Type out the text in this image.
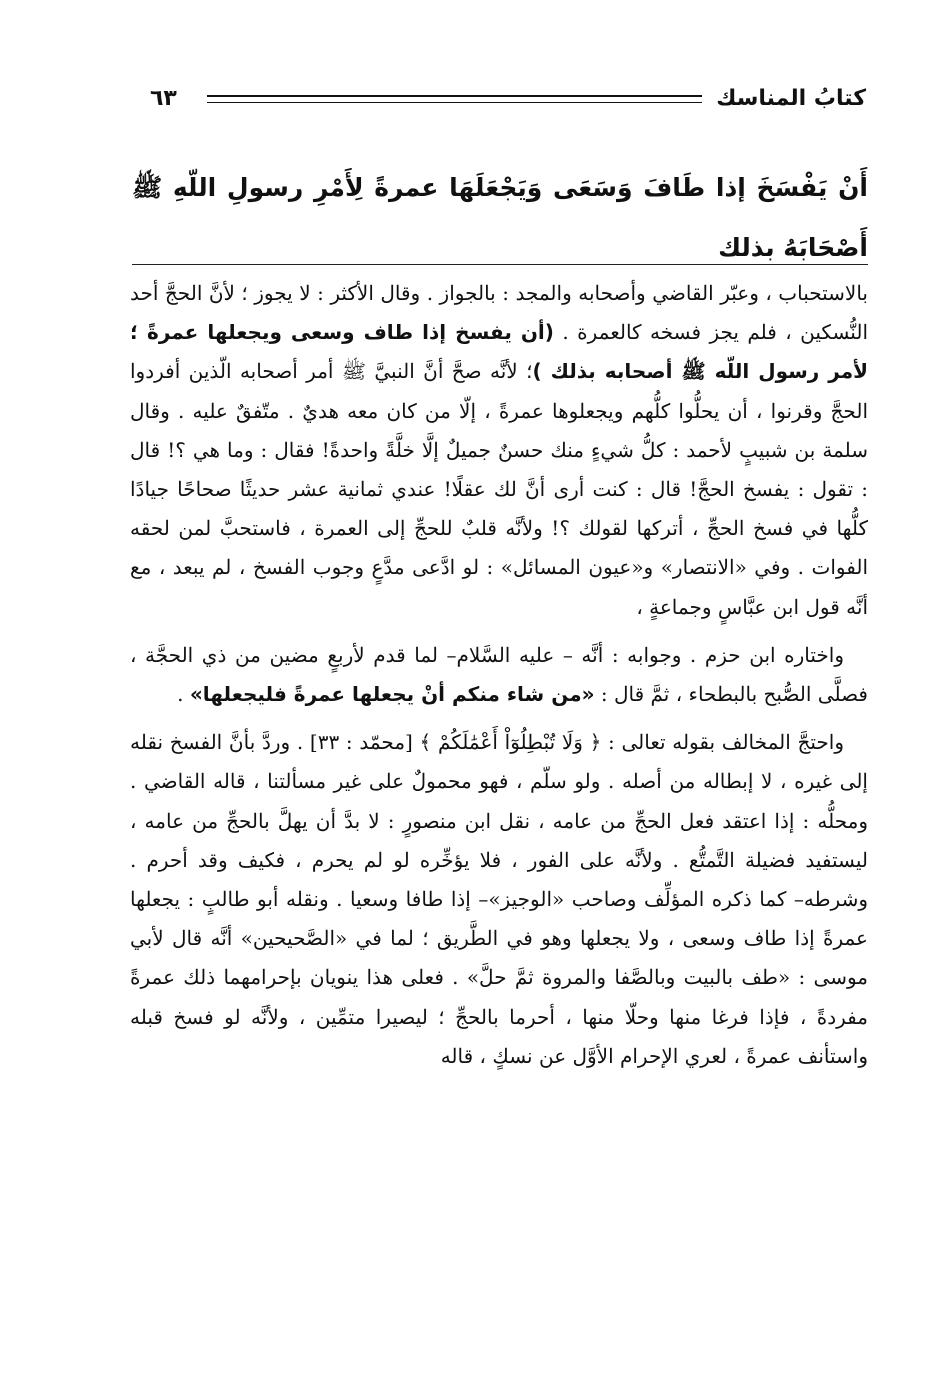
كتابُ المناسك
٦٣

أَنْ يَفْسَخَ إذا طَافَ وَسَعَى وَيَجْعَلَهَا عمرةً لِأَمْرِ رسولِ اللّهِ ﷺ أَصْحَابَهُ بذلك

بالاستحباب ، وعبّر القاضي وأصحابه والمجد : بالجواز . وقال الأكثر : لا يجوز ؛ لأنَّ الحجَّ أحد النُّسكين ، فلم يجز فسخه كالعمرة . (أن يفسخ إذا طاف وسعى ويجعلها عمرةً ؛ لأمر رسول اللّه ﷺ أصحابه بذلك )؛ لأنَّه صحَّ أنَّ النبيَّ ﷺ أمر أصحابه الّذين أفردوا الحجَّ وقرنوا ، أن يحلُّوا كلُّهم ويجعلوها عمرةً ، إلّا من كان معه هديٌ . متّفقٌ عليه . وقال سلمة بن شبيبٍ لأحمد : كلُّ شيءٍ منك حسنٌ جميلٌ إلَّا خلَّةً واحدةً! فقال : وما هي ؟! قال : تقول : يفسخ الحجَّ! قال : كنت أرى أنَّ لك عقلًا! عندي ثمانية عشر حديثًا صحاحًا جيادًا كلُّها في فسخ الحجِّ ، أتركها لقولك ؟! ولأنَّه قلبٌ للحجِّ إلى العمرة ، فاستحبَّ لمن لحقه الفوات . وفي «الانتصار» و«عيون المسائل» : لو ادَّعى مدَّعٍ وجوب الفسخ ، لم يبعد ، مع أنَّه قول ابن عبَّاسٍ وجماعةٍ ،

واختاره ابن حزم . وجوابه : أنَّه – عليه السَّلام– لما قدم لأربعٍ مضين من ذي الحجَّة ، فصلَّى الصُّبح بالبطحاء ، ثمَّ قال : «من شاء منكم أنْ يجعلها عمرةً فليجعلها» .

واحتجَّ المخالف بقوله تعالى : ﴿ وَلَا تُبْطِلُوٓاْ أَعْمَٰلَكُمْ ﴾ [محمّد : ٣٣] . وردَّ بأنَّ الفسخ نقله إلى غيره ، لا إبطاله من أصله . ولو سلّم ، فهو محمولٌ على غير مسألتنا ، قاله القاضي . ومحلُّه : إذا اعتقد فعل الحجِّ من عامه ، نقل ابن منصورٍ : لا بدَّ أن يهلَّ بالحجِّ من عامه ، ليستفيد فضيلة التَّمتُّع . ولأنَّه على الفور ، فلا يؤخِّره لو لم يحرم ، فكيف وقد أحرم . وشرطه– كما ذكره المؤلِّف وصاحب «الوجيز»– إذا طافا وسعيا . ونقله أبو طالبٍ : يجعلها عمرةً إذا طاف وسعى ، ولا يجعلها وهو في الطَّريق ؛ لما في «الصَّحيحين» أنَّه قال لأبي موسى : «طف بالبيت وبالصَّفا والمروة ثمَّ حلَّ» . فعلى هذا ينويان بإحرامهما ذلك عمرةً مفردةً ، فإذا فرغا منها وحلّا منها ، أحرما بالحجِّ ؛ ليصيرا متمِّين ، ولأنَّه لو فسخ قبله واستأنف عمرةً ، لعري الإحرام الأوَّل عن نسكٍ ، قاله
